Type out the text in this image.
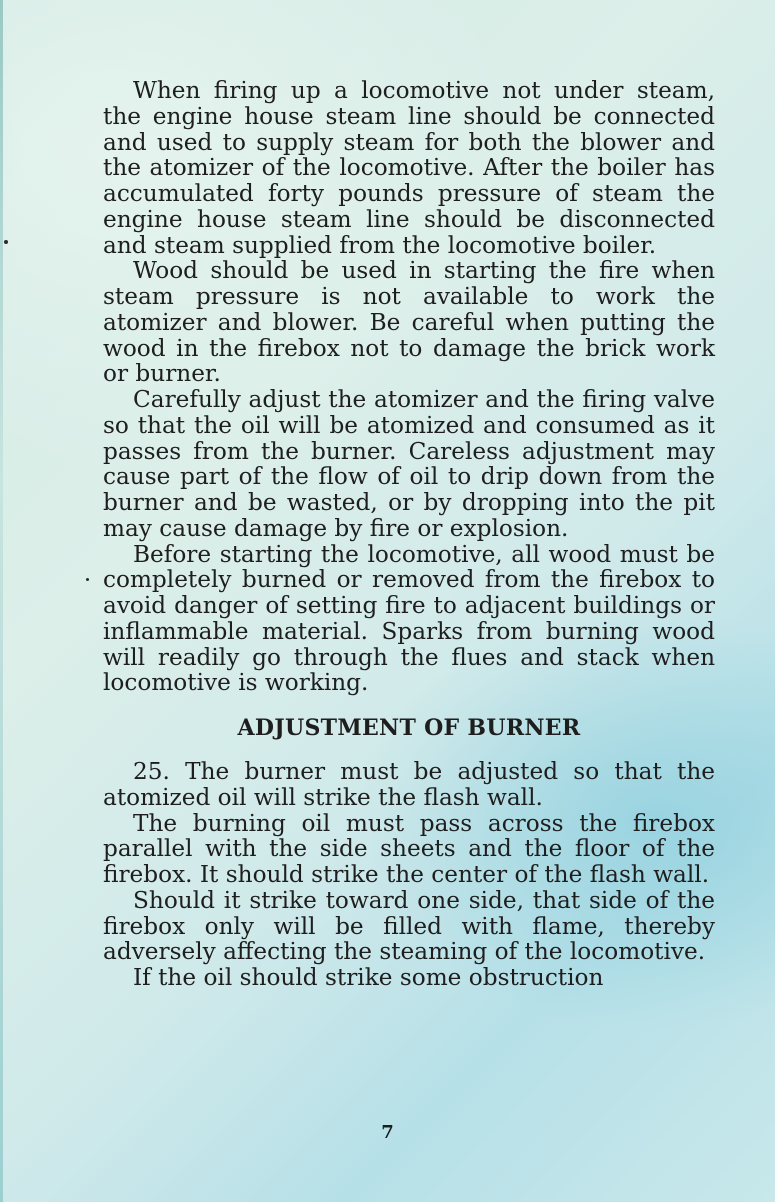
When firing up a locomotive not under steam, the engine house steam line should be connected and used to supply steam for both the blower and the atomizer of the locomotive. After the boiler has accumulated forty pounds pressure of steam the engine house steam line should be disconnected and steam supplied from the locomotive boiler.

Wood should be used in starting the fire when steam pressure is not available to work the atomizer and blower. Be careful when putting the wood in the firebox not to damage the brick work or burner.

Carefully adjust the atomizer and the firing valve so that the oil will be atomized and consumed as it passes from the burner. Careless adjustment may cause part of the flow of oil to drip down from the burner and be wasted, or by dropping into the pit may cause damage by fire or explosion.

Before starting the locomotive, all wood must be completely burned or removed from the firebox to avoid danger of setting fire to adjacent buildings or inflammable material. Sparks from burning wood will readily go through the flues and stack when locomotive is working.

ADJUSTMENT OF BURNER

25. The burner must be adjusted so that the atomized oil will strike the flash wall.

The burning oil must pass across the firebox parallel with the side sheets and the floor of the firebox. It should strike the center of the flash wall.

Should it strike toward one side, that side of the firebox only will be filled with flame, thereby adversely affecting the steaming of the locomotive.

If the oil should strike some obstruction

7
